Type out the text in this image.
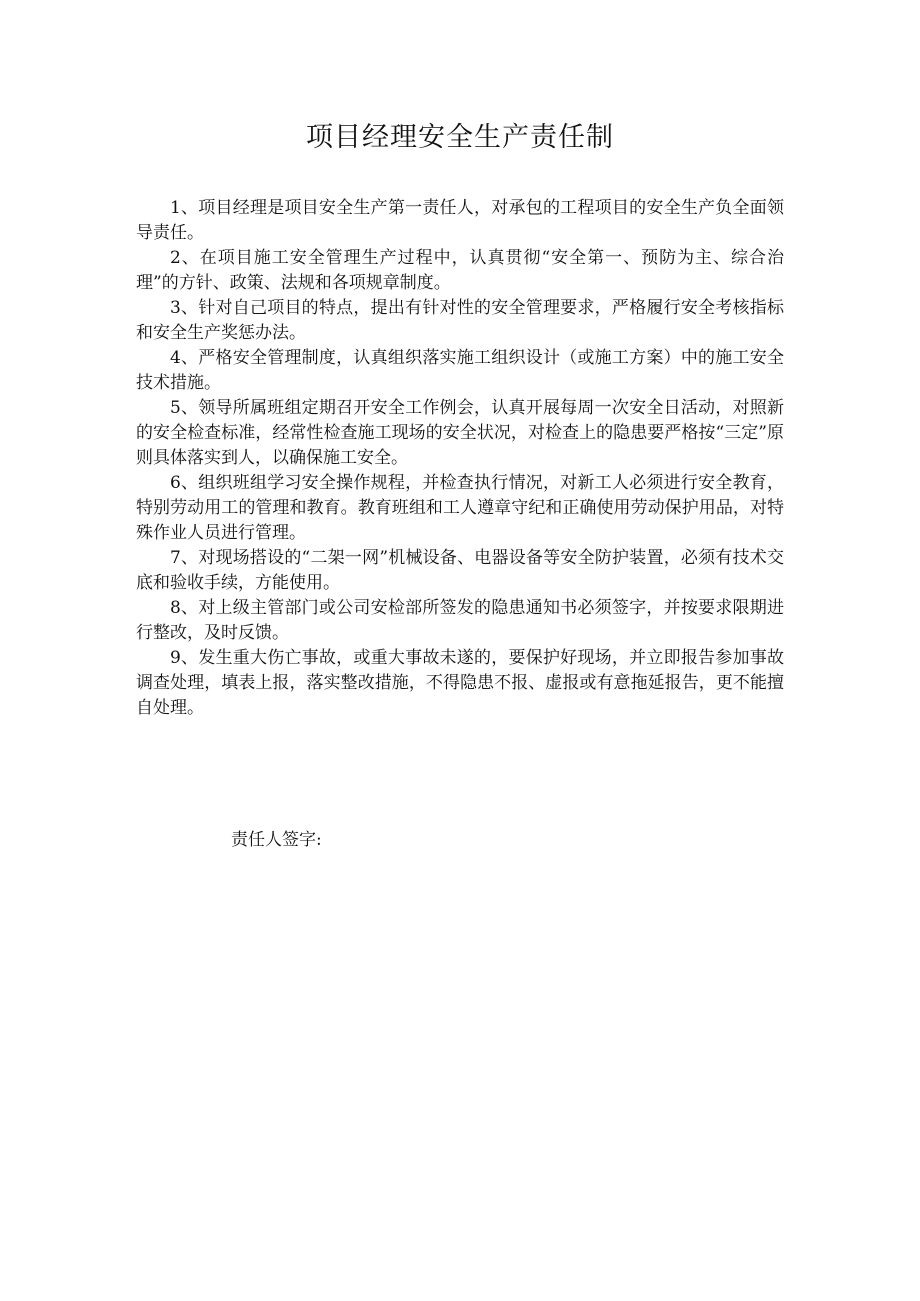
项目经理安全生产责任制

1、项目经理是项目安全生产第一责任人，对承包的工程项目的安全生产负全面领导责任。

2、在项目施工安全管理生产过程中，认真贯彻“安全第一、预防为主、综合治理”的方针、政策、法规和各项规章制度。

3、针对自己项目的特点，提出有针对性的安全管理要求，严格履行安全考核指标和安全生产奖惩办法。

4、严格安全管理制度，认真组织落实施工组织设计（或施工方案）中的施工安全技术措施。

5、领导所属班组定期召开安全工作例会，认真开展每周一次安全日活动，对照新的安全检查标准，经常性检查施工现场的安全状况，对检查上的隐患要严格按“三定”原则具体落实到人，以确保施工安全。

6、组织班组学习安全操作规程，并检查执行情况，对新工人必须进行安全教育，特别劳动用工的管理和教育。教育班组和工人遵章守纪和正确使用劳动保护用品，对特殊作业人员进行管理。

7、对现场搭设的“二架一网”机械设备、电器设备等安全防护装置，必须有技术交底和验收手续，方能使用。

8、对上级主管部门或公司安检部所签发的隐患通知书必须签字，并按要求限期进行整改，及时反馈。

9、发生重大伤亡事故，或重大事故未遂的，要保护好现场，并立即报告参加事故调查处理，填表上报，落实整改措施，不得隐患不报、虚报或有意拖延报告，更不能擅自处理。

责任人签字:
